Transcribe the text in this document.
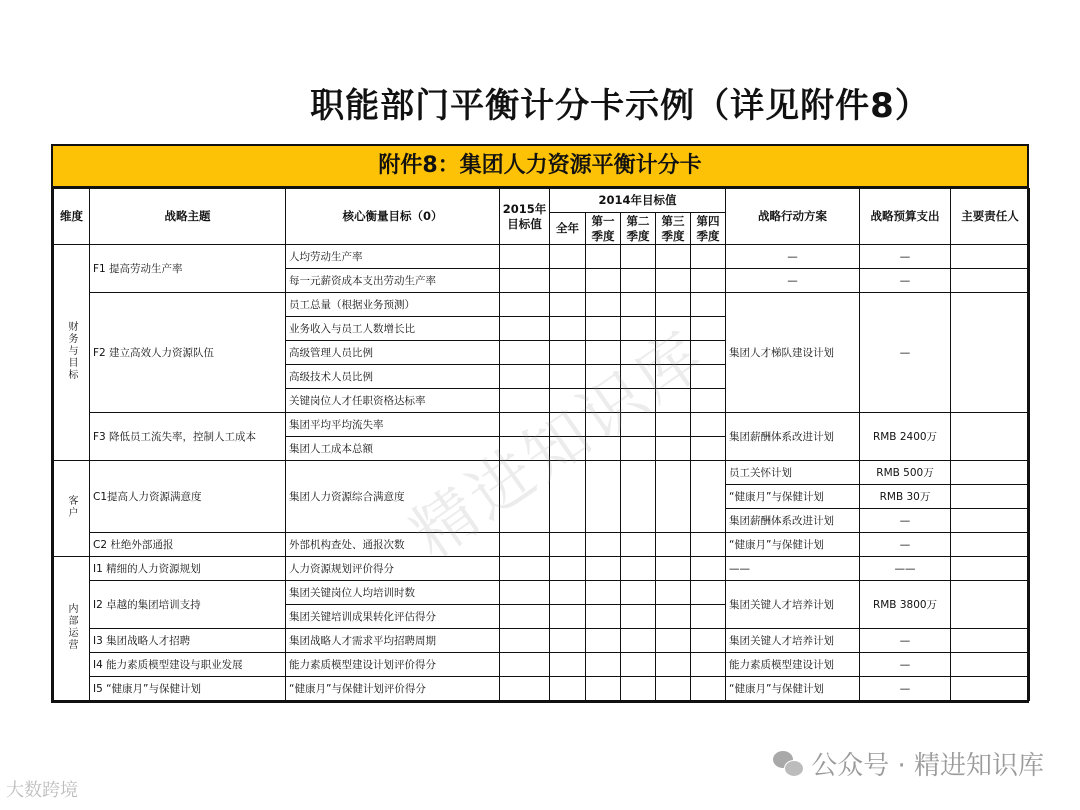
职能部门平衡计分卡示例（详见附件8）
附件8：集团人力资源平衡计分卡
维度	战略主题	核心衡量目标（0）	2015年目标值	2014年目标值					战略行动方案	战略预算支出	主要责任人
				全年	第一季度	第二季度	第三季度	第四季度			
财务与目标	F1 提高劳动生产率	人均劳动生产率							—	—	
		每一元薪资成本支出劳动生产率							—	—	
	F2 建立高效人力资源队伍	员工总量（根据业务预测）							集团人才梯队建设计划	—	
		业务收入与员工人数增长比									
		高级管理人员比例									
		高级技术人员比例									
		关键岗位人才任职资格达标率									
	F3 降低员工流失率，控制人工成本	集团平均平均流失率							集团薪酬体系改进计划	RMB 2400万	
		集团人工成本总额									
客户	C1提高人力资源满意度	集团人力资源综合满意度							员工关怀计划	RMB 500万	
									“健康月”与保健计划	RMB 30万	
									集团薪酬体系改进计划	—	
	C2 杜绝外部通报	外部机构查处、通报次数							“健康月”与保健计划	—	
内部运营	I1 精细的人力资源规划	人力资源规划评价得分							——	——	
	I2 卓越的集团培训支持	集团关键岗位人均培训时数							集团关键人才培养计划	RMB 3800万	
		集团关键培训成果转化评估得分									
	I3 集团战略人才招聘	集团战略人才需求平均招聘周期							集团关键人才培养计划	—	
	I4 能力素质模型建设与职业发展	能力素质模型建设计划评价得分							能力素质模型建设计划	—	
	I5 “健康月”与保健计划	“健康月”与保健计划评价得分							“健康月”与保健计划	—	
精进知识库
大数跨境
公众号 · 精进知识库
